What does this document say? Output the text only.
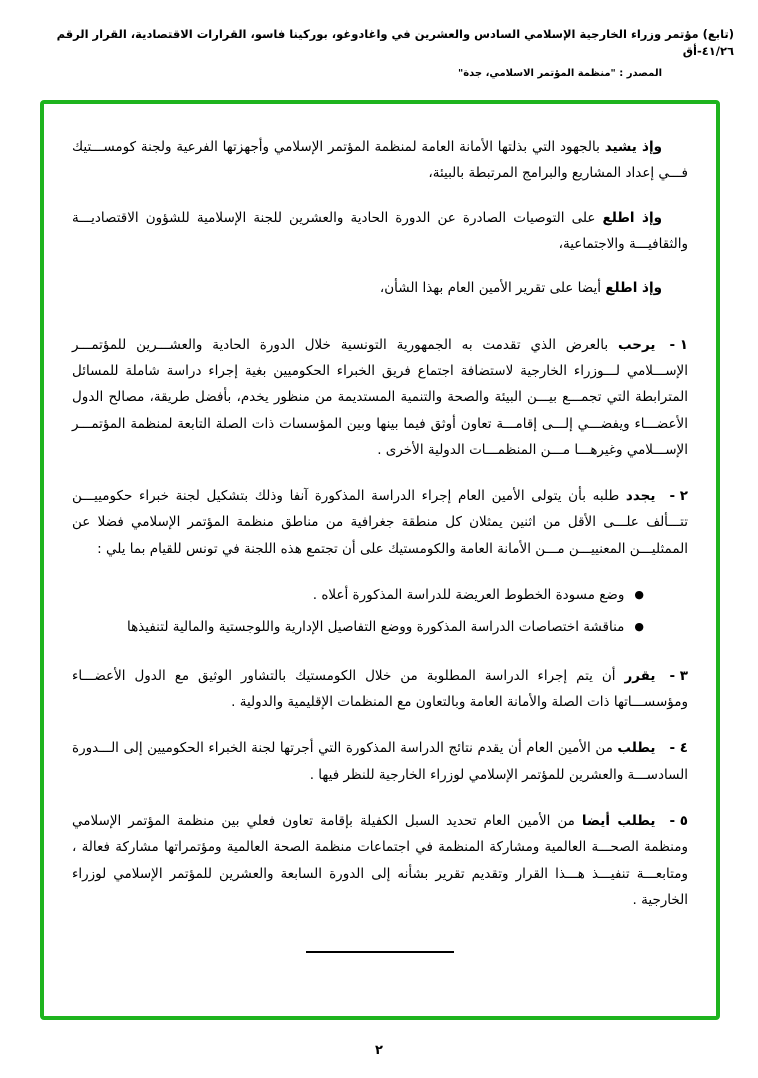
(تابع) مؤتمر وزراء الخارجية الإسلامي السادس والعشرين في واغادوغو، بوركينا فاسو، القرارات الاقتصادية، القرار الرقم ٤١/٢٦-أق
المصدر : "منظمة المؤتمر الاسلامي، جدة"

وإذ يشيد بالجهود التي بذلتها الأمانة العامة لمنظمة المؤتمر الإسلامي وأجهزتها الفرعية ولجنة كومســـتيك فـــي إعداد المشاريع والبرامج المرتبطة بالبيئة،

وإذ اطلع على التوصيات الصادرة عن الدورة الحادية والعشرين للجنة الإسلامية للشؤون الاقتصاديـــة والثقافيـــة والاجتماعية،

وإذ اطلع أيضا على تقرير الأمين العام بهذا الشأن،

١ -يرحب بالعرض الذي تقدمت به الجمهورية التونسية خلال الدورة الحادية والعشـــرين للمؤتمـــر الإســـلامي لـــوزراء الخارجية لاستضافة اجتماع فريق الخبراء الحكوميين بغية إجراء دراسة شاملة للمسائل المترابطة التي تجمـــع بيـــن البيئة والصحة والتنمية المستديمة من منظور يخدم، بأفضل طريقة، مصالح الدول الأعضـــاء ويفضـــي إلـــى إقامـــة تعاون أوثق فيما بينها وبين المؤسسات ذات الصلة التابعة لمنظمة المؤتمـــر الإســـلامي وغيرهـــا مـــن المنظمـــات الدولية الأخرى .
٢ -يجدد طلبه بأن يتولى الأمين العام إجراء الدراسة المذكورة آنفا وذلك بتشكيل لجنة خبراء حكومييـــن تتـــألف علـــى الأقل من اثنين يمثلان كل منطقة جغرافية من مناطق منظمة المؤتمر الإسلامي فضلا عن الممثليـــن المعنييـــن مـــن الأمانة العامة والكومستيك على أن تجتمع هذه اللجنة في تونس للقيام بما يلي :
●وضع مسودة الخطوط العريضة للدراسة المذكورة أعلاه .
●مناقشة اختصاصات الدراسة المذكورة ووضع التفاصيل الإدارية واللوجستية والمالية لتنفيذها
٣ -يقرر أن يتم إجراء الدراسة المطلوبة من خلال الكومستيك بالتشاور الوثيق مع الدول الأعضـــاء ومؤسســـاتها ذات الصلة والأمانة العامة وبالتعاون مع المنظمات الإقليمية والدولية .
٤ -يطلب من الأمين العام أن يقدم نتائج الدراسة المذكورة التي أجرتها لجنة الخبراء الحكوميين إلى الـــدورة السادســـة والعشرين للمؤتمر الإسلامي لوزراء الخارجية للنظر فيها .
٥ -يطلب أيضا من الأمين العام تحديد السبل الكفيلة بإقامة تعاون فعلي بين منظمة المؤتمر الإسلامي ومنظمة الصحـــة العالمية ومشاركة المنظمة في اجتماعات منظمة الصحة العالمية ومؤتمراتها مشاركة فعالة ، ومتابعـــة تنفيـــذ هـــذا القرار وتقديم تقرير بشأنه إلى الدورة السابعة والعشرين للمؤتمر الإسلامي لوزراء الخارجية .
٢
